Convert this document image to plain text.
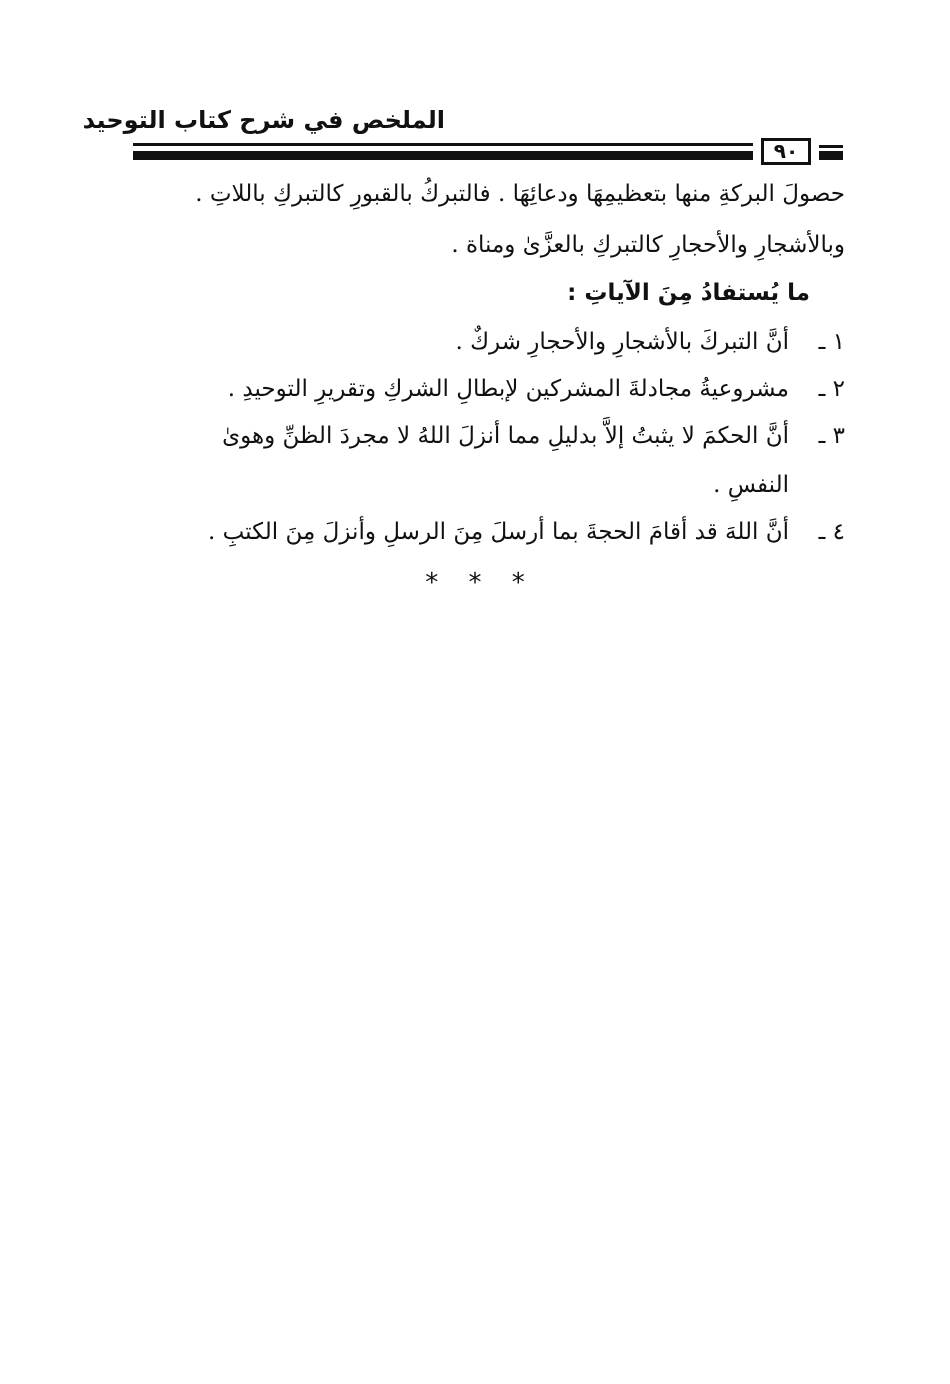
الملخص في شرح كتاب التوحيد
٩٠
حصولَ البركةِ منها بتعظيمِهَا ودعائِهَا . فالتبركُ بالقبورِ كالتبركِ باللاتِ .
وبالأشجارِ والأحجارِ كالتبركِ بالعزَّىٰ ومناة .
ما يُستفادُ مِنَ الآياتِ :
١ ـأنَّ التبركَ بالأشجارِ والأحجارِ شركٌ .
٢ ـمشروعيةُ مجادلةَ المشركين لإبطالِ الشركِ وتقريرِ التوحيدِ .
٣ ـأنَّ الحكمَ لا يثبتُ إلاَّ بدليلِ مما أنزلَ اللهُ لا مجردَ الظنِّ وهوىٰ
النفسِ .
٤ ـأنَّ اللهَ قد أقامَ الحجةَ بما أرسلَ مِنَ الرسلِ وأنزلَ مِنَ الكتبِ .
* * *
